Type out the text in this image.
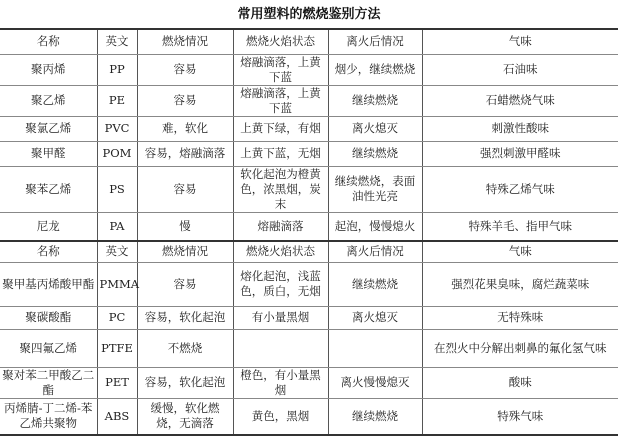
常用塑料的燃烧鉴别方法
名称	英文	燃烧情况	燃烧火焰状态	离火后情况	气味
聚丙烯	PP	容易	熔融滴落，上黄下蓝	烟少，继续燃烧	石油味
聚乙烯	PE	容易	熔融滴落，上黄下蓝	继续燃烧	石蜡燃烧气味
聚氯乙烯	PVC	难，软化	上黄下绿，有烟	离火熄灭	刺激性酸味
聚甲醛	POM	容易，熔融滴落	上黄下蓝，无烟	继续燃烧	强烈刺激甲醛味
聚苯乙烯	PS	容易	软化起泡为橙黄色，浓黑烟，炭末	继续燃烧，表面油性光亮	特殊乙烯气味
尼龙	PA	慢	熔融滴落	起泡，慢慢熄火	特殊羊毛、指甲气味
名称	英文	燃烧情况	燃烧火焰状态	离火后情况	气味
聚甲基丙烯酸甲酯	PMMA	容易	熔化起泡，浅蓝色，质白，无烟	继续燃烧	强烈花果臭味，腐烂蔬菜味
聚碳酸酯	PC	容易，软化起泡	有小量黑烟	离火熄灭	无特殊味
聚四氟乙烯	PTFE	不燃烧			在烈火中分解出刺鼻的氟化氢气味
聚对苯二甲酸乙二酯	PET	容易，软化起泡	橙色，有小量黑烟	离火慢慢熄灭	酸味
丙烯腈-丁二烯-苯乙烯共聚物	ABS	缓慢，软化燃烧，无滴落	黄色，黑烟	继续燃烧	特殊气味
